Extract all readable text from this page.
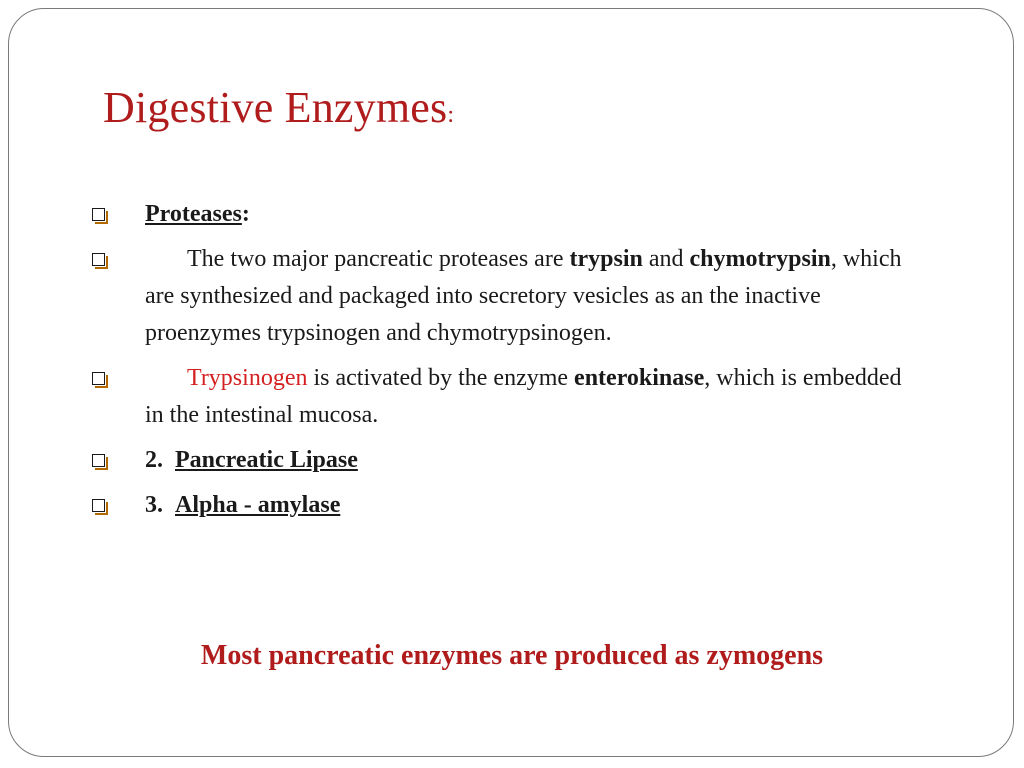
Digestive Enzymes:
Proteases:
The two major pancreatic proteases are trypsin and chymotrypsin, which are synthesized and packaged into secretory vesicles as an the inactive proenzymes trypsinogen and chymotrypsinogen.
Trypsinogen is activated by the enzyme enterokinase, which is embedded in the intestinal mucosa.
2. Pancreatic Lipase
3. Alpha - amylase
Most pancreatic enzymes are produced as zymogens
